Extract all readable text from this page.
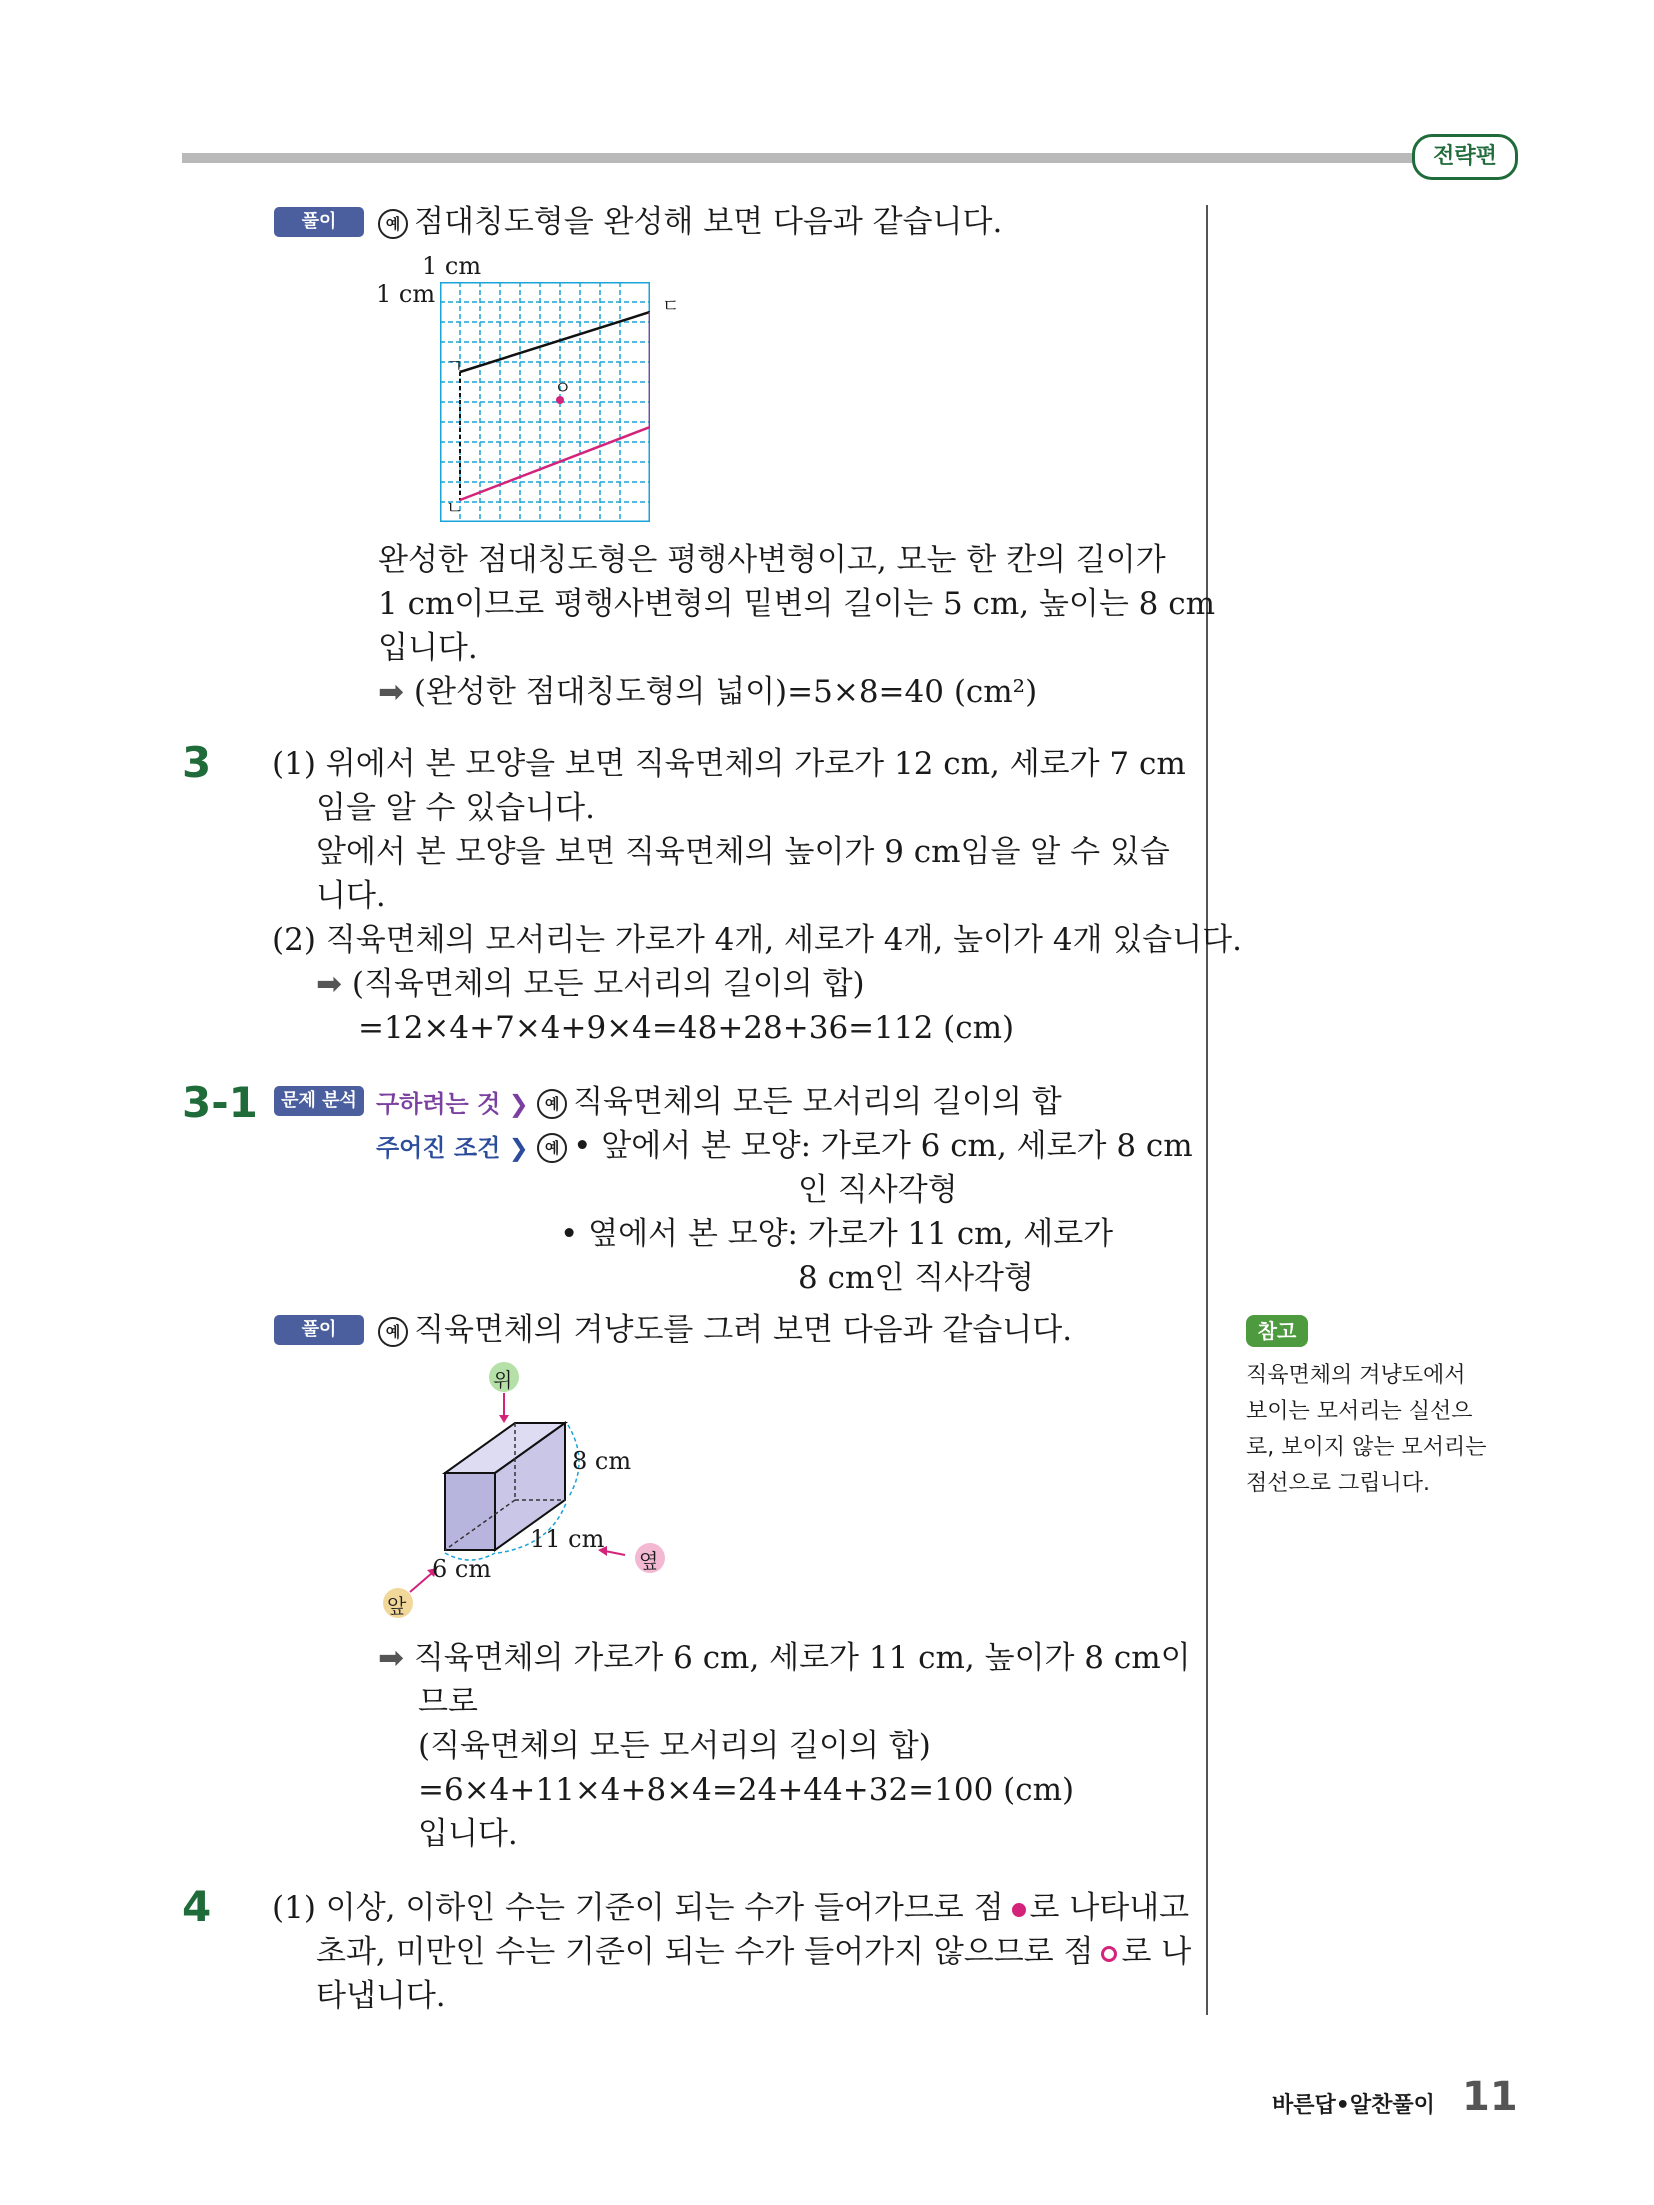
전략편
풀이	예 점대칭도형을 완성해 보면 다음과 같습니다.
1 cm
1 cm
ㄱ
ㄴ
ㄷ
ㅇ
완성한 점대칭도형은 평행사변형이고, 모눈 한 칸의 길이가
1 cm이므로 평행사변형의 밑변의 길이는 5 cm, 높이는 8 cm
입니다.
➡ (완성한 점대칭도형의 넓이)=5×8=40 (cm²)
3 (1) 위에서 본 모양을 보면 직육면체의 가로가 12 cm, 세로가 7 cm
임을 알 수 있습니다.
앞에서 본 모양을 보면 직육면체의 높이가 9 cm임을 알 수 있습
니다.
(2) 직육면체의 모서리는 가로가 4개, 세로가 4개, 높이가 4개 있습니다.
➡ (직육면체의 모든 모서리의 길이의 합)
=12×4+7×4+9×4=48+28+36=112 (cm)
3-1	문제 분석 구하려는 것 ❯ 예 직육면체의 모든 모서리의 길이의 합
주어진 조건 ❯ 예 • 앞에서 본 모양: 가로가 6 cm, 세로가 8 cm
인 직사각형
• 옆에서 본 모양: 가로가 11 cm, 세로가
8 cm인 직사각형
풀이	예 직육면체의 겨냥도를 그려 보면 다음과 같습니다.
위
옆
앞
8 cm
11 cm
6 cm
➡ 직육면체의 가로가 6 cm, 세로가 11 cm, 높이가 8 cm이
므로
(직육면체의 모든 모서리의 길이의 합)
=6×4+11×4+8×4=24+44+32=100 (cm)
입니다.
참고
직육면체의 겨냥도에서
보이는 모서리는 실선으
로, 보이지 않는 모서리는
점선으로 그립니다.
4 (1) 이상, 이하인 수는 기준이 되는 수가 들어가므로 점 로 나타내고
초과, 미만인 수는 기준이 되는 수가 들어가지 않으므로 점 로 나
타냅니다.
바른답•알찬풀이 11
